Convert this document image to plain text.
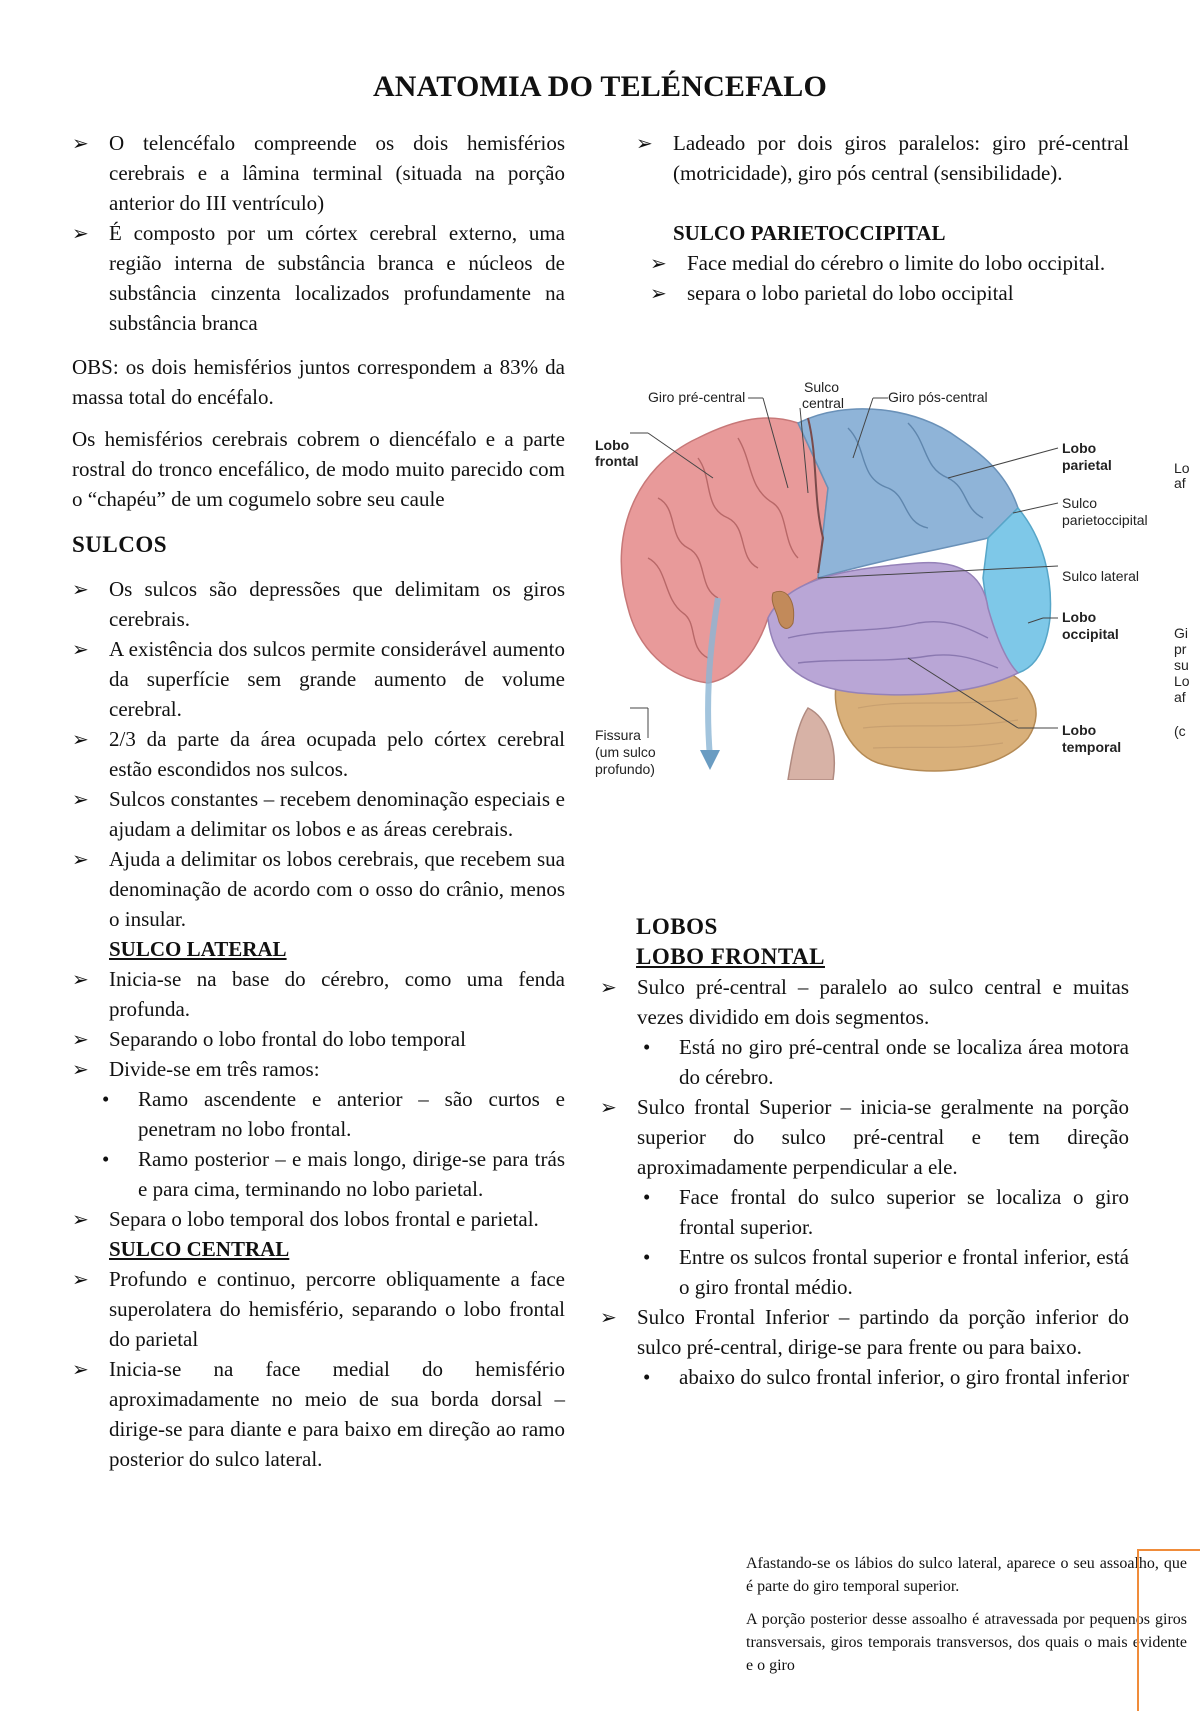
ANATOMIA DO TELÉNCEFALO
➢ O telencéfalo compreende os dois hemisférios cerebrais e a lâmina terminal (situada na porção anterior do III ventrículo)
➢ É composto por um córtex cerebral externo, uma região interna de substância branca e núcleos de substância cinzenta localizados profundamente na substância branca

OBS: os dois hemisférios juntos correspondem a 83% da massa total do encéfalo.

Os hemisférios cerebrais cobrem o diencéfalo e a parte rostral do tronco encefálico, de modo muito parecido com o “chapéu” de um cogumelo sobre seu caule

SULCOS
➢ Os sulcos são depressões que delimitam os giros cerebrais.
➢ A existência dos sulcos permite considerável aumento da superfície sem grande aumento de volume cerebral.
➢ 2/3 da parte da área ocupada pelo córtex cerebral estão escondidos nos sulcos.
➢ Sulcos constantes – recebem denominação especiais e ajudam a delimitar os lobos e as áreas cerebrais.
➢ Ajuda a delimitar os lobos cerebrais, que recebem sua denominação de acordo com o osso do crânio, menos o insular.
SULCO LATERAL
➢ Inicia-se na base do cérebro, como uma fenda profunda.
➢ Separando o lobo frontal do lobo temporal
➢ Divide-se em três ramos:
• Ramo ascendente e anterior – são curtos e penetram no lobo frontal.
• Ramo posterior – e mais longo, dirige-se para trás e para cima, terminando no lobo parietal.
➢ Separa o lobo temporal dos lobos frontal e parietal.
SULCO CENTRAL
➢ Profundo e continuo, percorre obliquamente a face superolatera do hemisfério, separando o lobo frontal do parietal
➢ Inicia-se na face medial do hemisfério aproximadamente no meio de sua borda dorsal – dirige-se para diante e para baixo em direção ao ramo posterior do sulco lateral.
➢ Ladeado por dois giros paralelos: giro pré-central (motricidade), giro pós central (sensibilidade).
SULCO PARIETOCCIPITAL
➢ Face medial do cérebro o limite do lobo occipital.
➢ separa o lobo parietal do lobo occipital
Giro pré-central
Sulco
central	Giro pós-central
Lobo
frontal
Lobo
parietal
Sulco
parietoccipital
Sulco lateral
Lobo
occipital
Fissura
(um sulco
profundo)
Lobo
temporal
Lo
af
Gi
pr
su
Lo
af
(c
LOBOS
LOBO FRONTAL
➢ Sulco pré-central – paralelo ao sulco central e muitas vezes dividido em dois segmentos.
• Está no giro pré-central onde se localiza área motora do cérebro.
➢ Sulco frontal Superior – inicia-se geralmente na porção superior do sulco pré-central e tem direção aproximadamente perpendicular a ele.
• Face frontal do sulco superior se localiza o giro frontal superior.
• Entre os sulcos frontal superior e frontal inferior, está o giro frontal médio.
➢ Sulco Frontal Inferior – partindo da porção inferior do sulco pré-central, dirige-se para frente ou para baixo.
• abaixo do sulco frontal inferior, o giro frontal inferior

Afastando-se os lábios do sulco lateral, aparece o seu assoalho, que é parte do giro temporal superior.

A porção posterior desse assoalho é atravessada por pequenos giros transversais, giros temporais transversos, dos quais o mais evidente e o giro
